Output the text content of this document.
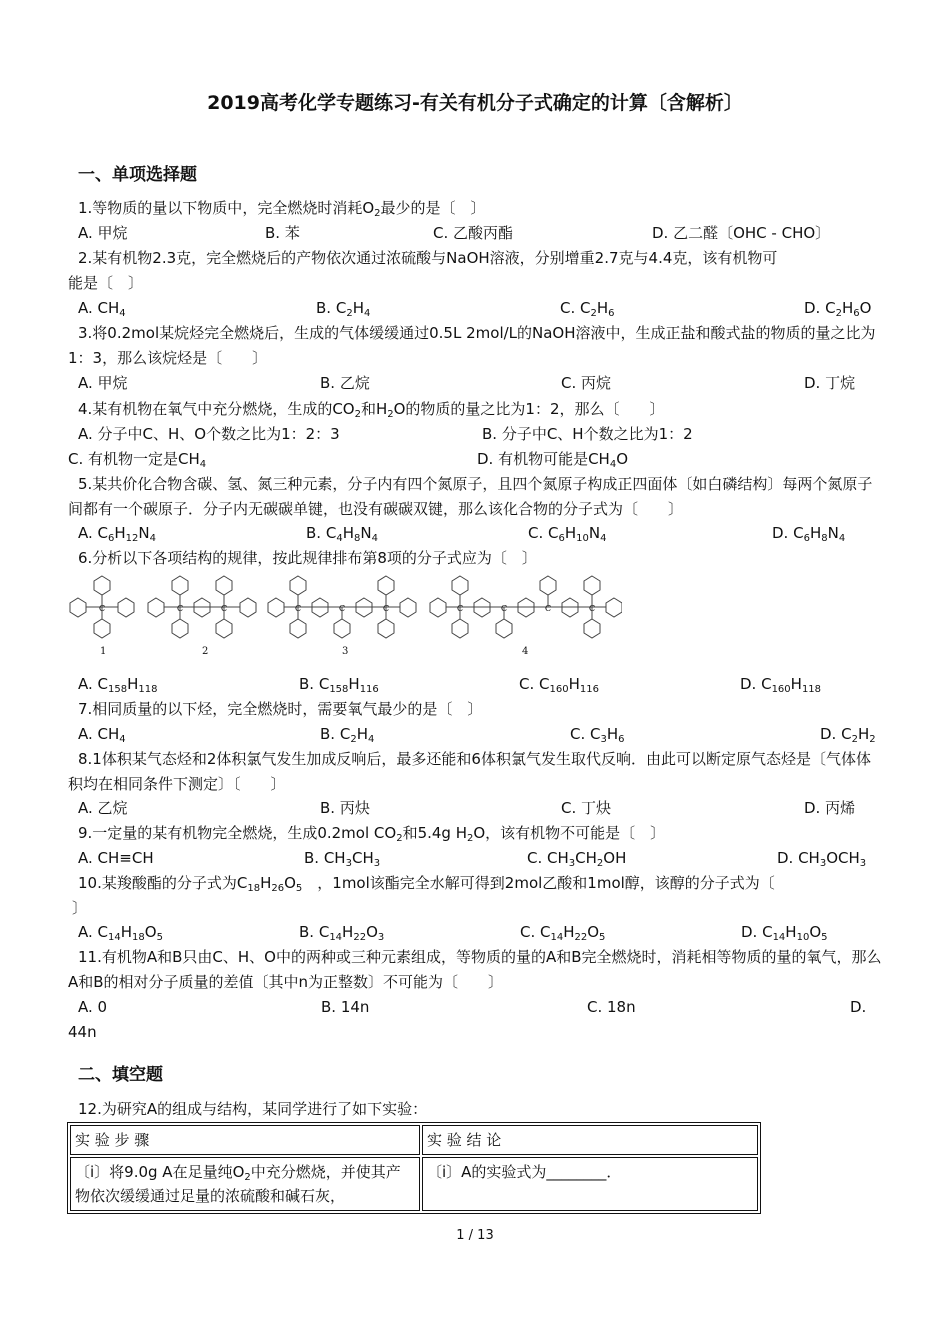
2019高考化学专题练习-有关有机分子式确定的计算〔含解析〕
一、单项选择题
1.等物质的量以下物质中，完全燃烧时消耗$O_2$最少的是〔　〕
A. 甲烷	B. 苯	C. 乙酸丙酯	D. 乙二醛〔OHC - CHO〕
2.某有机物2.3克，完全燃烧后的产物依次通过浓硫酸与NaOH溶液，分别增重2.7克与4.4克，该有机物可
能是〔　〕
A. $CH_4$	B. $C_2H_4$	C. $C_2H_6$	D. $C_2H_6O$
3.将0.2mol某烷烃完全燃烧后，生成的气体缓缓通过0.5L 2mol/L的NaOH溶液中，生成正盐和酸式盐的物质的量之比为1：3，那么该烷烃是〔　　〕
A. 甲烷	B. 乙烷	C. 丙烷	D. 丁烷
4.某有机物在氧气中充分燃烧，生成的$CO_2$和$H_2O$的物质的量之比为1：2，那么〔　　〕
A. 分子中C、H、O个数之比为1：2：3	B. 分子中C、H个数之比为1：2
C. 有机物一定是$CH_4$	D. 有机物可能是$CH_4O$
5.某共价化合物含碳、氢、氮三种元素，分子内有四个氮原子，且四个氮原子构成正四面体〔如白磷结构〕每两个氮原子间都有一个碳原子．分子内无碳碳单键，也没有碳碳双键，那么该化合物的分子式为〔　　〕
A. $C_6H_{12}N_4$	B. $C_4H_8N_4$	C. $C_6H_{10}N_4$	D. $C_6H_8N_4$
6.分析以下各项结构的规律，按此规律排布第8项的分子式应为〔　〕
C	C	C	C	C	C	C	C	C	C
1	2	3	4
A. $C_{158}H_{118}$	B. $C_{158}H_{116}$	C. $C_{160}H_{116}$	D. $C_{160}H_{118}$
7.相同质量的以下烃，完全燃烧时，需要氧气最少的是〔　〕
A. $CH_4$	B. $C_2H_4$	C. $C_3H_6$	D. $C_2H_2$
8.1体积某气态烃和2体积氯气发生加成反响后，最多还能和6体积氯气发生取代反响．由此可以断定原气态烃是〔气体体积均在相同条件下测定〕〔　　〕
A. 乙烷	B. 丙炔	C. 丁炔	D. 丙烯
9.一定量的某有机物完全燃烧，生成0.2mol $CO_2$和5.4g $H_2O$，该有机物不可能是〔　〕
A. CH≡CH	B. $CH_3CH_3$	C. $CH_3CH_2OH$	D. $CH_3OCH_3$
10.某羧酸酯的分子式为$C_{18}H_{26}O_5$　，1mol该酯完全水解可得到2mol乙酸和1mol醇，该醇的分子式为〔
〕
A. $C_{14}H_{18}O_5$	B. $C_{14}H_{22}O_3$	C. $C_{14}H_{22}O_5$	D. $C_{14}H_{10}O_5$
11.有机物A和B只由C、H、O中的两种或三种元素组成，等物质的量的A和B完全燃烧时，消耗相等物质的量的氧气，那么A和B的相对分子质量的差值〔其中n为正整数〕不可能为〔　　〕
A. 0	B. 14n	C. 18n	D.
44n
二、填空题
12.为研究A的组成与结构，某同学进行了如下实验：
实 验 步 骤	实 验 结 论
〔i〕将9.0g A在足量纯$O_2$中充分燃烧，并使其产物依次缓缓通过足量的浓硫酸和碱石灰，	〔i〕A的实验式为________．
1 / 13
